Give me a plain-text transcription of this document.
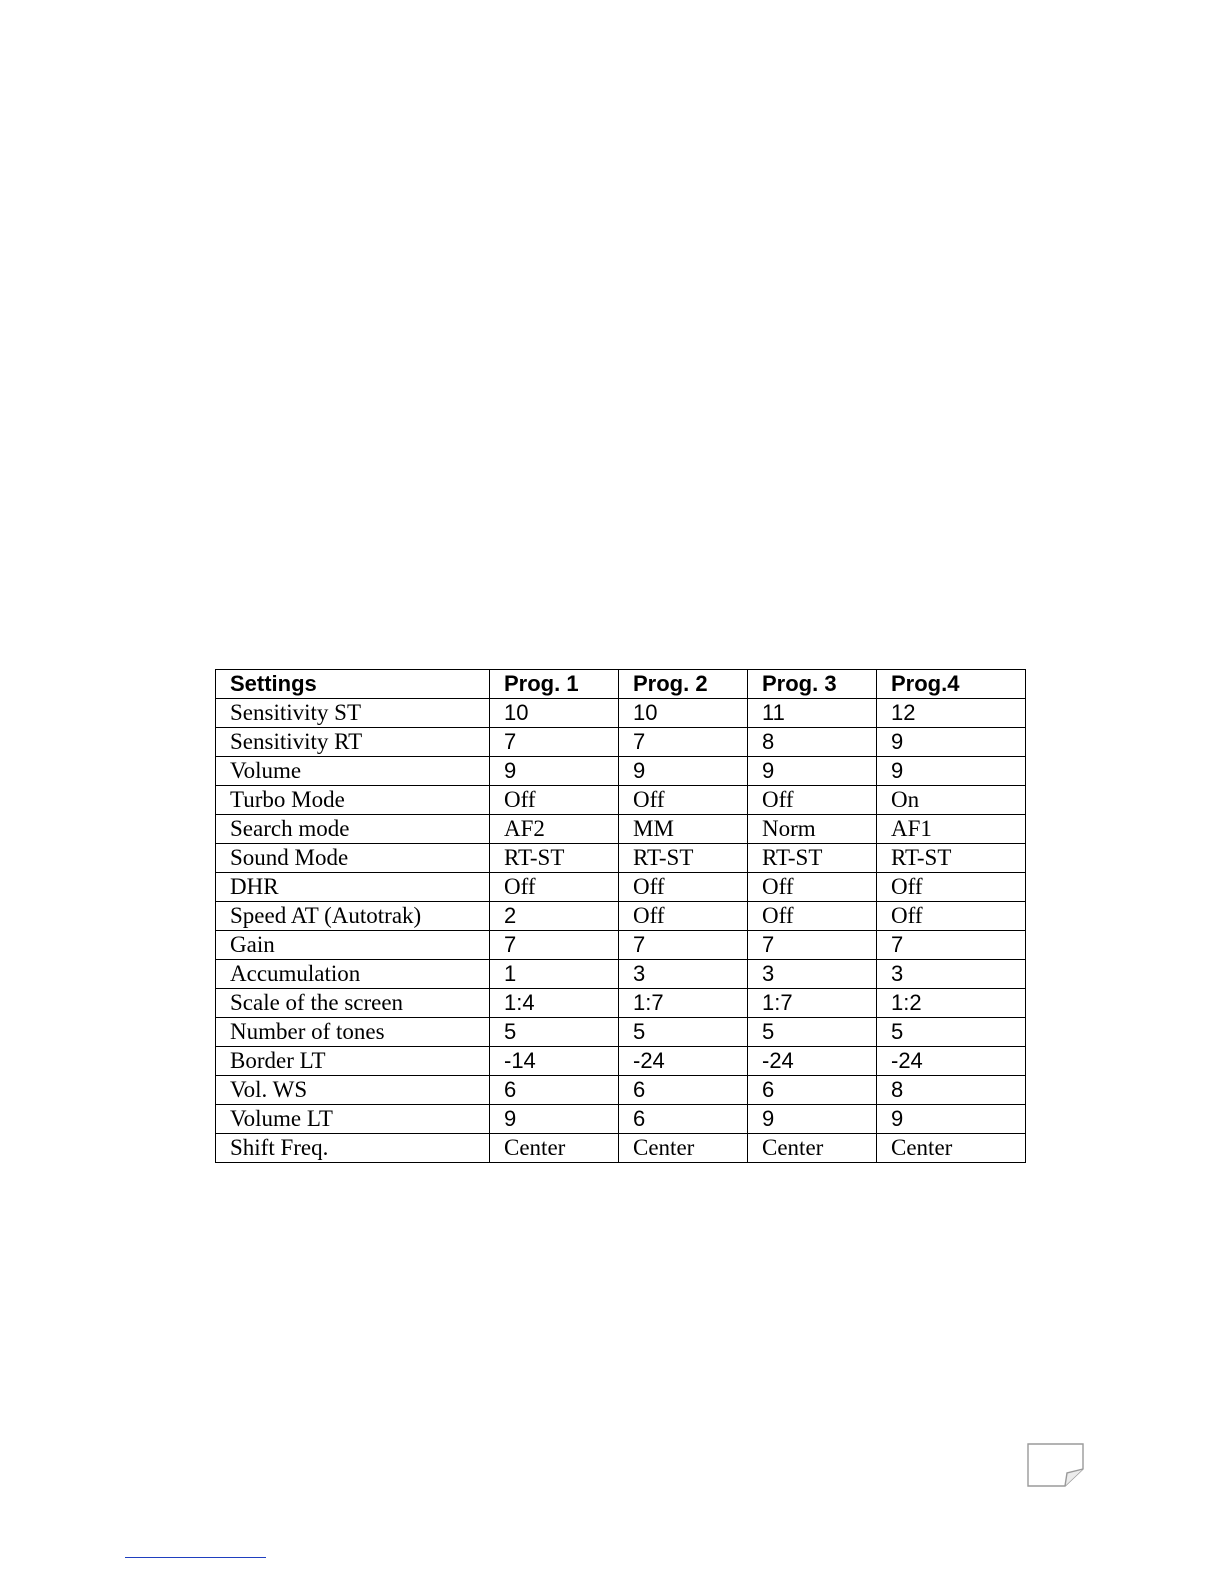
Settings	Prog. 1	Prog. 2	Prog. 3	Prog.4
Sensitivity ST	10	10	11	12
Sensitivity RT	7	7	8	9
Volume	9	9	9	9
Turbo Mode	Off	Off	Off	On
Search mode	AF2	MM	Norm	AF1
Sound Mode	RT-ST	RT-ST	RT-ST	RT-ST
DHR	Off	Off	Off	Off
Speed AT (Autotrak)	2	Off	Off	Off
Gain	7	7	7	7
Accumulation	1	3	3	3
Scale of the screen	1:4	1:7	1:7	1:2
Number of tones	5	5	5	5
Border LT	-14	-24	-24	-24
Vol. WS	6	6	6	8
Volume LT	9	6	9	9
Shift Freq.	Center	Center	Center	Center
